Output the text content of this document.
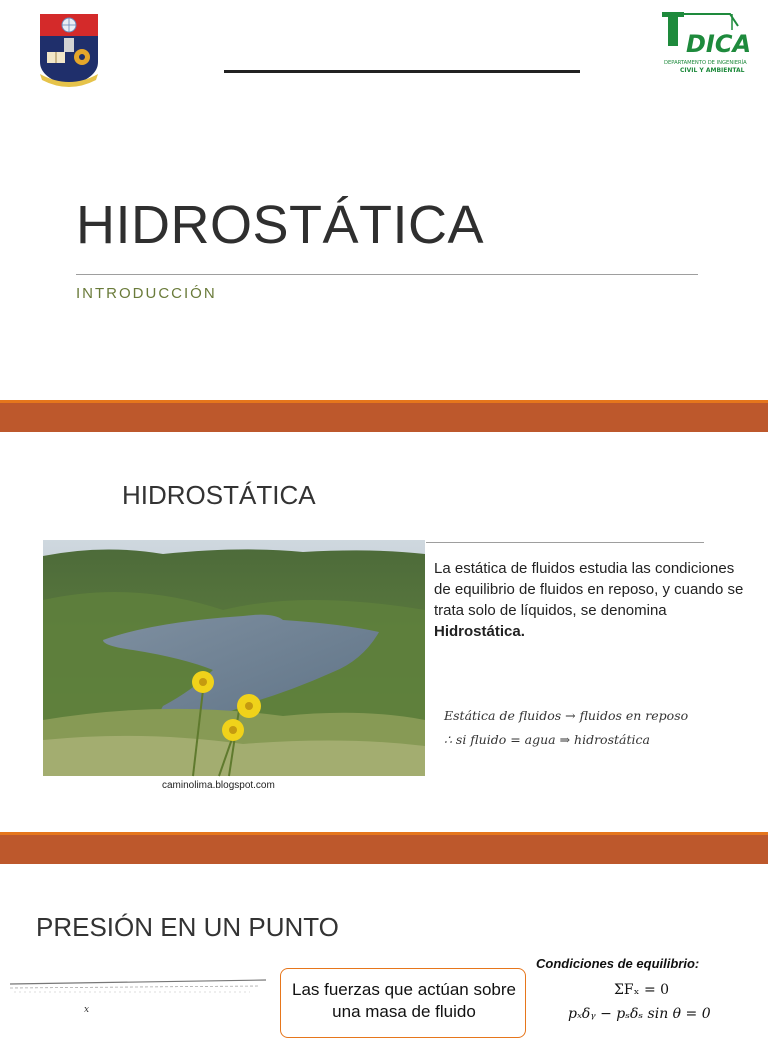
DICA
DEPARTAMENTO DE INGENIERÍA
CIVIL Y AMBIENTAL
HIDROSTÁTICA
INTRODUCCIÓN
HIDROSTÁTICA
caminolima.blogspot.com
La estática de fluidos estudia las condiciones de equilibrio de fluidos en reposo, y cuando se trata solo de líquidos, se denomina Hidrostática.
Estática de fluidos → fluidos en reposo
∴ si fluido = agua ⇒ hidrostática
PRESIÓN EN UN PUNTO
x
Las fuerzas que actúan sobre una masa de fluido
Condiciones de equilibrio:
ΣFₓ = 0
pₓδᵧ − pₛδₛ sin θ = 0
